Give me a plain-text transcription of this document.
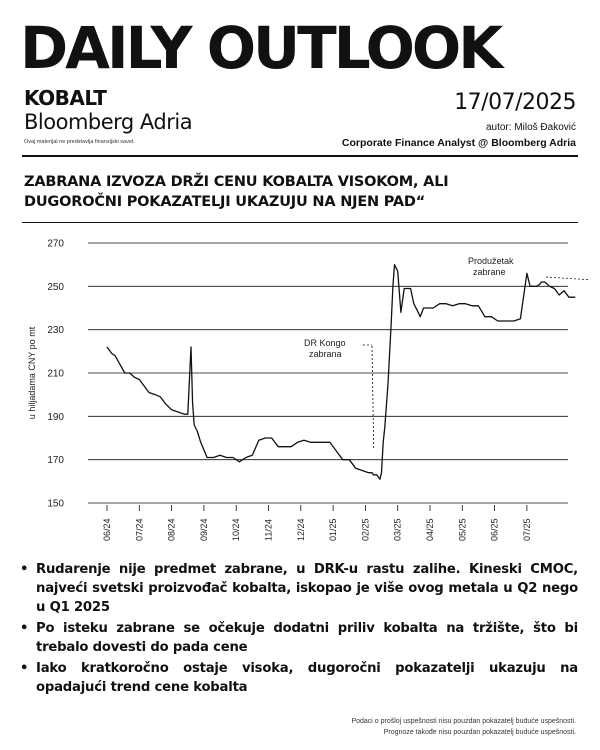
DAILY OUTLOOK
KOBALT
Bloomberg Adria
Ovaj materijal ne predstavlja finansijski savet.
17/07/2025
autor: Miloš Đaković
Corporate Finance Analyst @ Bloomberg Adria
ZABRANA IZVOZA DRŽI CENU KOBALTA VISOKOM, ALI
DUGOROČNI POKAZATELJI UKAZUJU NA NJEN PAD“
150
170
190
210
230
250
270
06/24 07/24 08/24 09/24 10/24 11/24 12/24 01/25 02/25 03/25 04/25 05/25 06/25 07/25
u hiljadama CNY po mt	DR Kongo
zabrana
Produžetak
zabrane
• Rudarenje nije predmet zabrane, u DRK-u rastu zalihe. Kineski CMOC, najveći svetski proizvođač kobalta, iskopao je više ovog metala u Q2 nego u Q1 2025
• Po isteku zabrane se očekuje dodatni priliv kobalta na tržište, što bi trebalo dovesti do pada cene
• Iako kratkoročno ostaje visoka, dugoročni pokazatelji ukazuju na opadajući trend cene kobalta
Podaci o prošloj uspešnosti nisu pouzdan pokazatelj buduće uspešnosti.
Prognoze takođe nisu pouzdan pokazatelj buduće uspešnosti.
